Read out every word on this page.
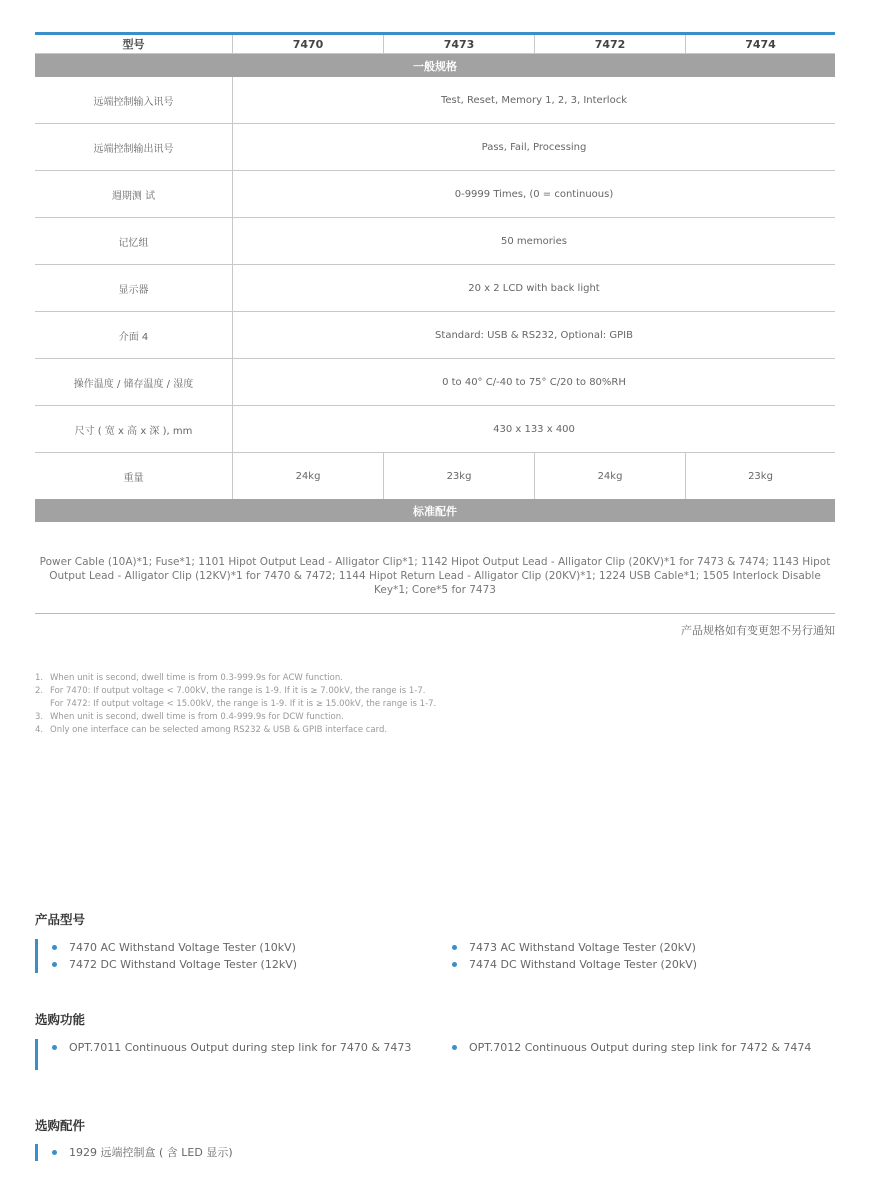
型号	7470	7473	7472	7474
一般规格
远端控制输入讯号	Test, Reset, Memory 1, 2, 3, Interlock
远端控制输出讯号	Pass, Fail, Processing
週期测 试	0-9999 Times, (0 = continuous)
记忆组	50 memories
显示器	20 x 2 LCD with back light
介面 4	Standard: USB & RS232, Optional: GPIB
操作温度 / 储存温度 / 湿度	0 to 40° C/-40 to 75° C/20 to 80%RH
尺寸 ( 宽 x 高 x 深 ), mm	430 x 133 x 400
重量	24kg	23kg	24kg	23kg
标准配件
Power Cable (10A)*1; Fuse*1; 1101 Hipot Output Lead - Alligator Clip*1; 1142 Hipot Output Lead - Alligator Clip (20KV)*1 for 7473 & 7474; 1143 Hipot Output Lead - Alligator Clip (12KV)*1 for 7470 & 7472; 1144 Hipot Return Lead - Alligator Clip (20KV)*1; 1224 USB Cable*1; 1505 Interlock Disable Key*1; Core*5 for 7473
产品规格如有变更恕不另行通知
1. When unit is second, dwell time is from 0.3-999.9s for ACW function.
2. For 7470: If output voltage < 7.00kV, the range is 1-9. If it is ≥ 7.00kV, the range is 1-7.
For 7472: If output voltage < 15.00kV, the range is 1-9. If it is ≥ 15.00kV, the range is 1-7.
3. When unit is second, dwell time is from 0.4-999.9s for DCW function.
4. Only one interface can be selected among RS232 & USB & GPIB interface card.
产品型号
7470 AC Withstand Voltage Tester (10kV)
7472 DC Withstand Voltage Tester (12kV)
7473 AC Withstand Voltage Tester (20kV)
7474 DC Withstand Voltage Tester (20kV)
选购功能
OPT.7011 Continuous Output during step link for 7470 & 7473	OPT.7012 Continuous Output during step link for 7472 & 7474
选购配件
1929 远端控制盒 ( 含 LED 显示)
